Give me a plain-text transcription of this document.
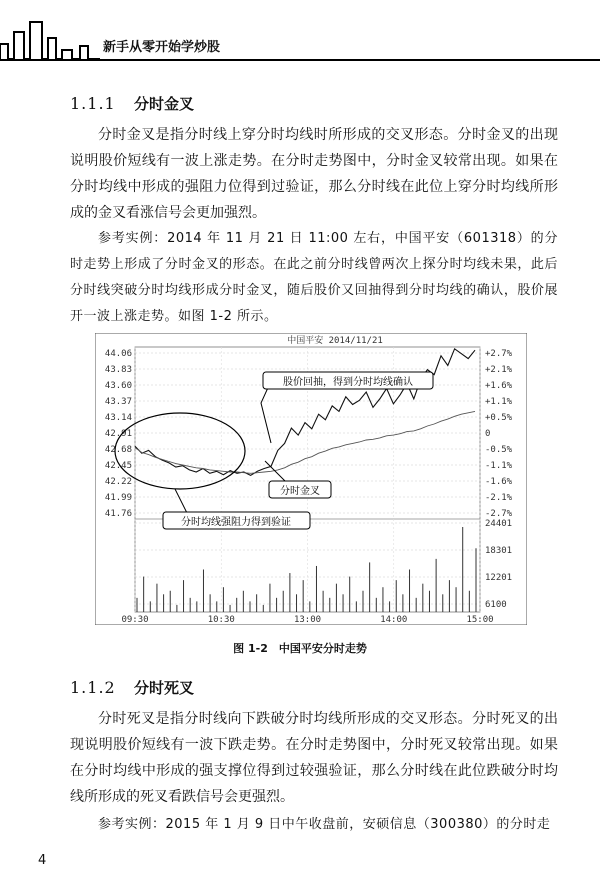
新手从零开始学炒股
1.1.1 分时金叉

分时金叉是指分时线上穿分时均线时所形成的交叉形态。分时金叉的出现说明股价短线有一波上涨走势。在分时走势图中，分时金叉较常出现。如果在分时均线中形成的强阻力位得到过验证，那么分时线在此位上穿分时均线所形成的金叉看涨信号会更加强烈。

参考实例：2014 年 11 月 21 日 11:00 左右，中国平安（601318）的分时走势上形成了分时金叉的形态。在此之前分时线曾两次上探分时均线未果，此后分时线突破分时均线形成分时金叉，随后股价又回抽得到分时均线的确认，股价展开一波上涨走势。如图 1-2 所示。

中国平安 2014/11/21
44.06
43.83
43.60
43.37
43.14
42.91
42.68
42.45
42.22
41.99
41.76
+2.7%
+2.1%
+1.6%
+1.1%
+0.5%
0
-0.5%
-1.1%
-1.6%
-2.1%
-2.7%
24401
18301
12201
6100
09:30	10:30	13:00	14:00	15:00
分时均线强阻力得到验证
分时金叉
股价回抽，得到分时均线确认
图 1-2　中国平安分时走势
1.1.2 分时死叉

分时死叉是指分时线向下跌破分时均线所形成的交叉形态。分时死叉的出现说明股价短线有一波下跌走势。在分时走势图中，分时死叉较常出现。如果在分时均线中形成的强支撑位得到过较强验证，那么分时线在此位跌破分时均线所形成的死叉看跌信号会更强烈。

参考实例：2015 年 1 月 9 日中午收盘前，安硕信息（300380）的分时走

4
